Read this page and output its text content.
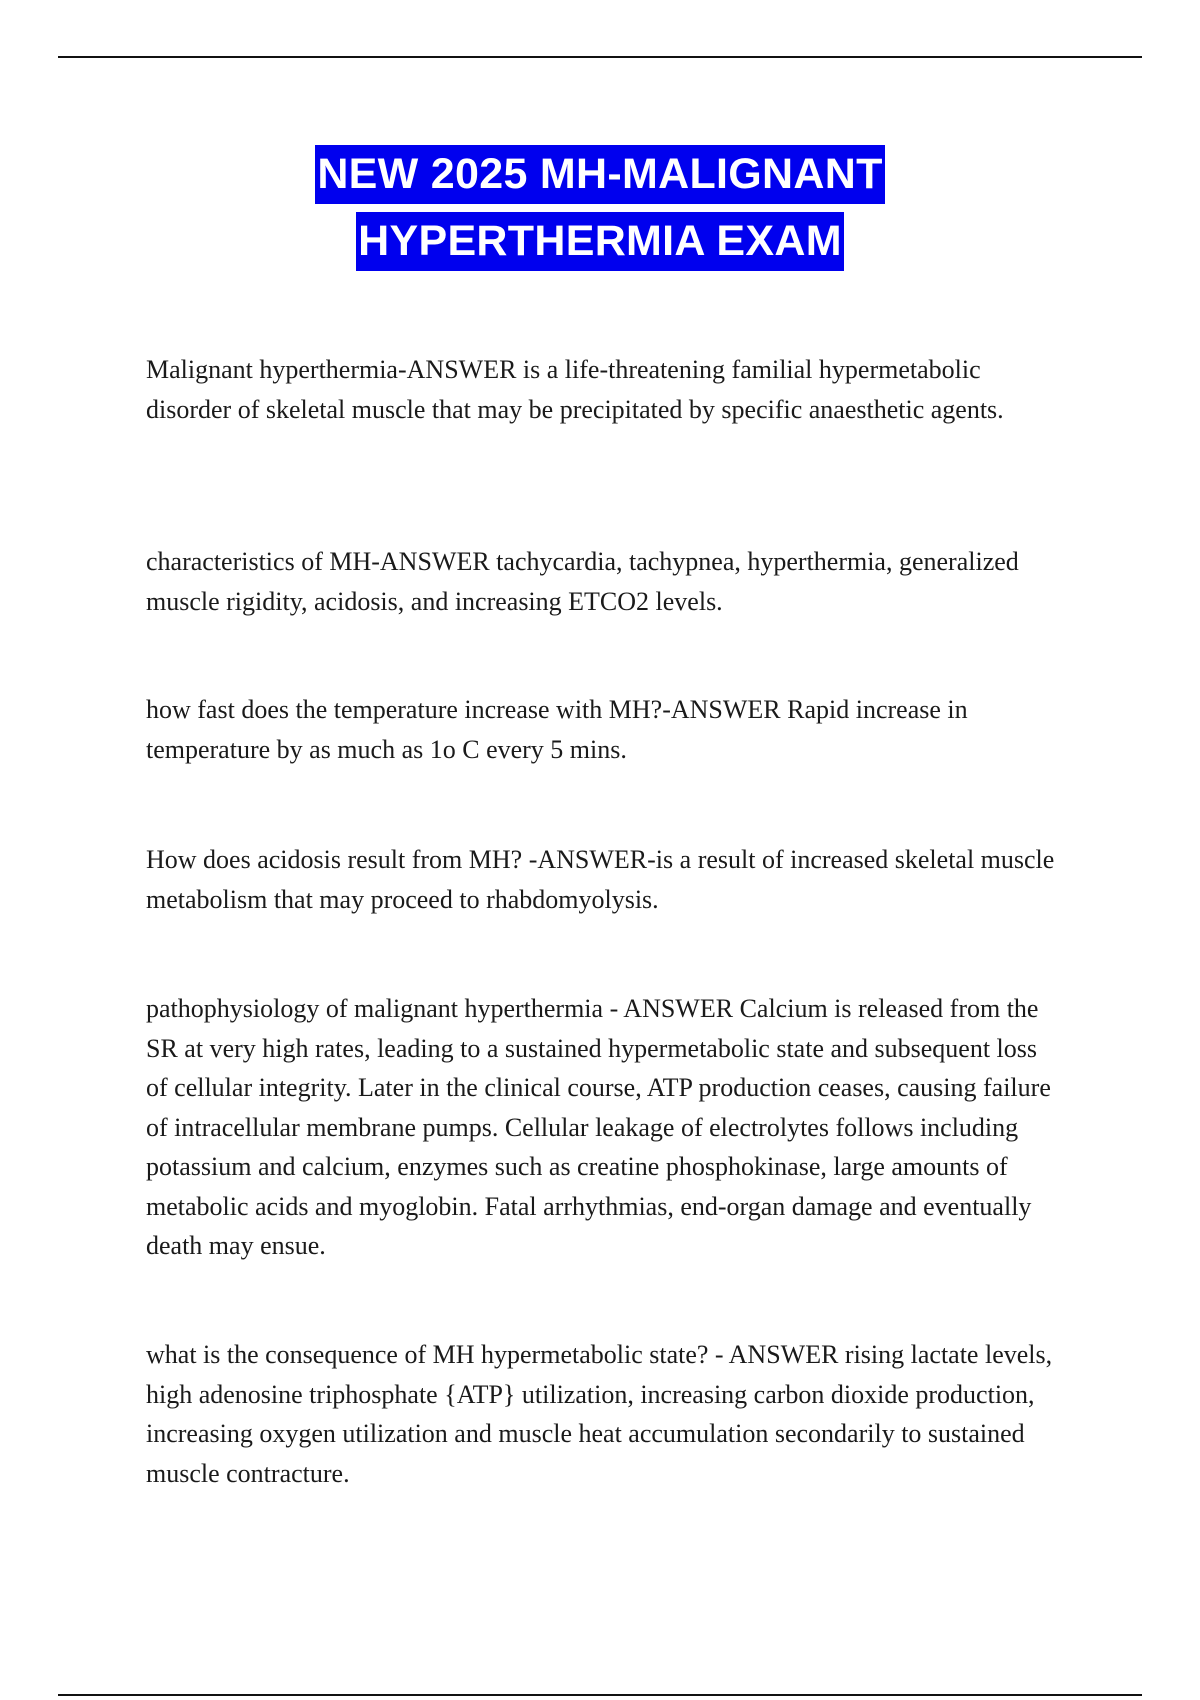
NEW 2025 MH-MALIGNANT
HYPERTHERMIA EXAM

Malignant hyperthermia-ANSWER is a life-threatening familial hypermetabolic disorder of skeletal muscle that may be precipitated by specific anaesthetic agents.

characteristics of MH-ANSWER tachycardia, tachypnea, hyperthermia, generalized muscle rigidity, acidosis, and increasing ETCO2 levels.

how fast does the temperature increase with MH?-ANSWER Rapid increase in temperature by as much as 1o C every 5 mins.

How does acidosis result from MH? -ANSWER-is a result of increased skeletal muscle metabolism that may proceed to rhabdomyolysis.

pathophysiology of malignant hyperthermia - ANSWER Calcium is released from the SR at very high rates, leading to a sustained hypermetabolic state and subsequent loss of cellular integrity. Later in the clinical course, ATP production ceases, causing failure of intracellular membrane pumps. Cellular leakage of electrolytes follows including potassium and calcium, enzymes such as creatine phosphokinase, large amounts of metabolic acids and myoglobin. Fatal arrhythmias, end-organ damage and eventually death may ensue.

what is the consequence of MH hypermetabolic state? - ANSWER rising lactate levels, high adenosine triphosphate {ATP} utilization, increasing carbon dioxide production, increasing oxygen utilization and muscle heat accumulation secondarily to sustained muscle contracture.
